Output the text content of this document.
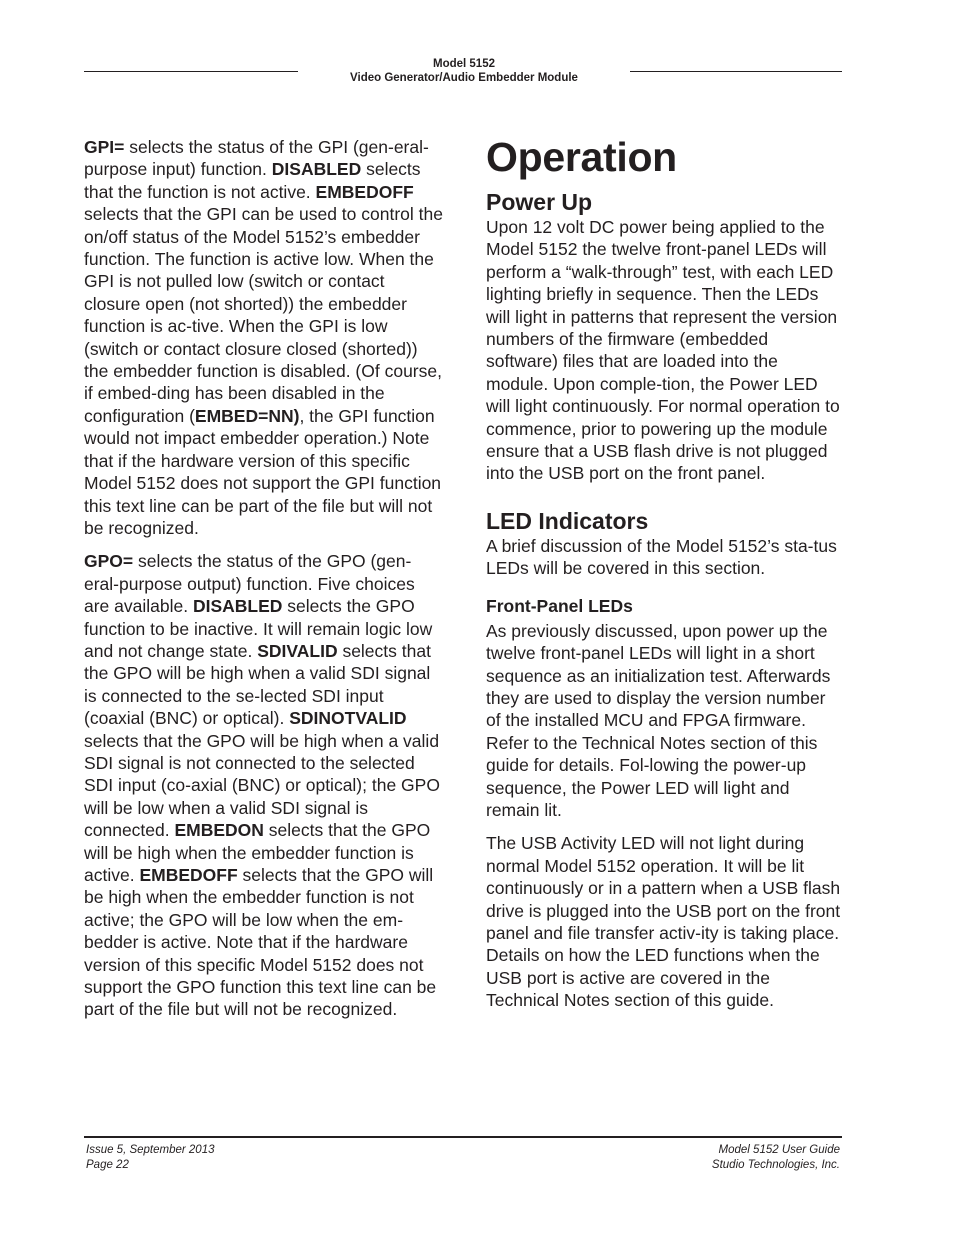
Model 5152
Video Generator/Audio Embedder Module

GPI= selects the status of the GPI (gen-eral-purpose input) function. DISABLED selects that the function is not active. EMBEDOFF selects that the GPI can be used to control the on/off status of the Model 5152’s embedder function. The function is active low. When the GPI is not pulled low (switch or contact closure open (not shorted)) the embedder function is ac-tive. When the GPI is low (switch or contact closure closed (shorted)) the embedder function is disabled. (Of course, if embed-ding has been disabled in the configuration (EMBED=NN), the GPI function would not impact embedder operation.) Note that if the hardware version of this specific Model 5152 does not support the GPI function this text line can be part of the file but will not be recognized.

GPO= selects the status of the GPO (gen-eral-purpose output) function. Five choices are available. DISABLED selects the GPO function to be inactive. It will remain logic low and not change state. SDIVALID selects that the GPO will be high when a valid SDI signal is connected to the se-lected SDI input (coaxial (BNC) or optical). SDINOTVALID selects that the GPO will be high when a valid SDI signal is not connected to the selected SDI input (co-axial (BNC) or optical); the GPO will be low when a valid SDI signal is connected. EMBEDON selects that the GPO will be high when the embedder function is active. EMBEDOFF selects that the GPO will be high when the embedder function is not active; the GPO will be low when the em-bedder is active. Note that if the hardware version of this specific Model 5152 does not support the GPO function this text line can be part of the file but will not be recognized.

Operation
Power Up

Upon 12 volt DC power being applied to the Model 5152 the twelve front-panel LEDs will perform a “walk-through” test, with each LED lighting briefly in sequence. Then the LEDs will light in patterns that represent the version numbers of the firmware (embedded software) files that are loaded into the module. Upon comple-tion, the Power LED will light continuously. For normal operation to commence, prior to powering up the module ensure that a USB flash drive is not plugged into the USB port on the front panel.

LED Indicators

A brief discussion of the Model 5152’s sta-tus LEDs will be covered in this section.

Front-Panel LEDs

As previously discussed, upon power up the twelve front-panel LEDs will light in a short sequence as an initialization test. Afterwards they are used to display the version number of the installed MCU and FPGA firmware. Refer to the Technical Notes section of this guide for details. Fol-lowing the power-up sequence, the Power LED will light and remain lit.

The USB Activity LED will not light during normal Model 5152 operation. It will be lit continuously or in a pattern when a USB flash drive is plugged into the USB port on the front panel and file transfer activ-ity is taking place. Details on how the LED functions when the USB port is active are covered in the Technical Notes section of this guide.

Issue 5, September 2013
Page 22
Model 5152 User Guide
Studio Technologies, Inc.
